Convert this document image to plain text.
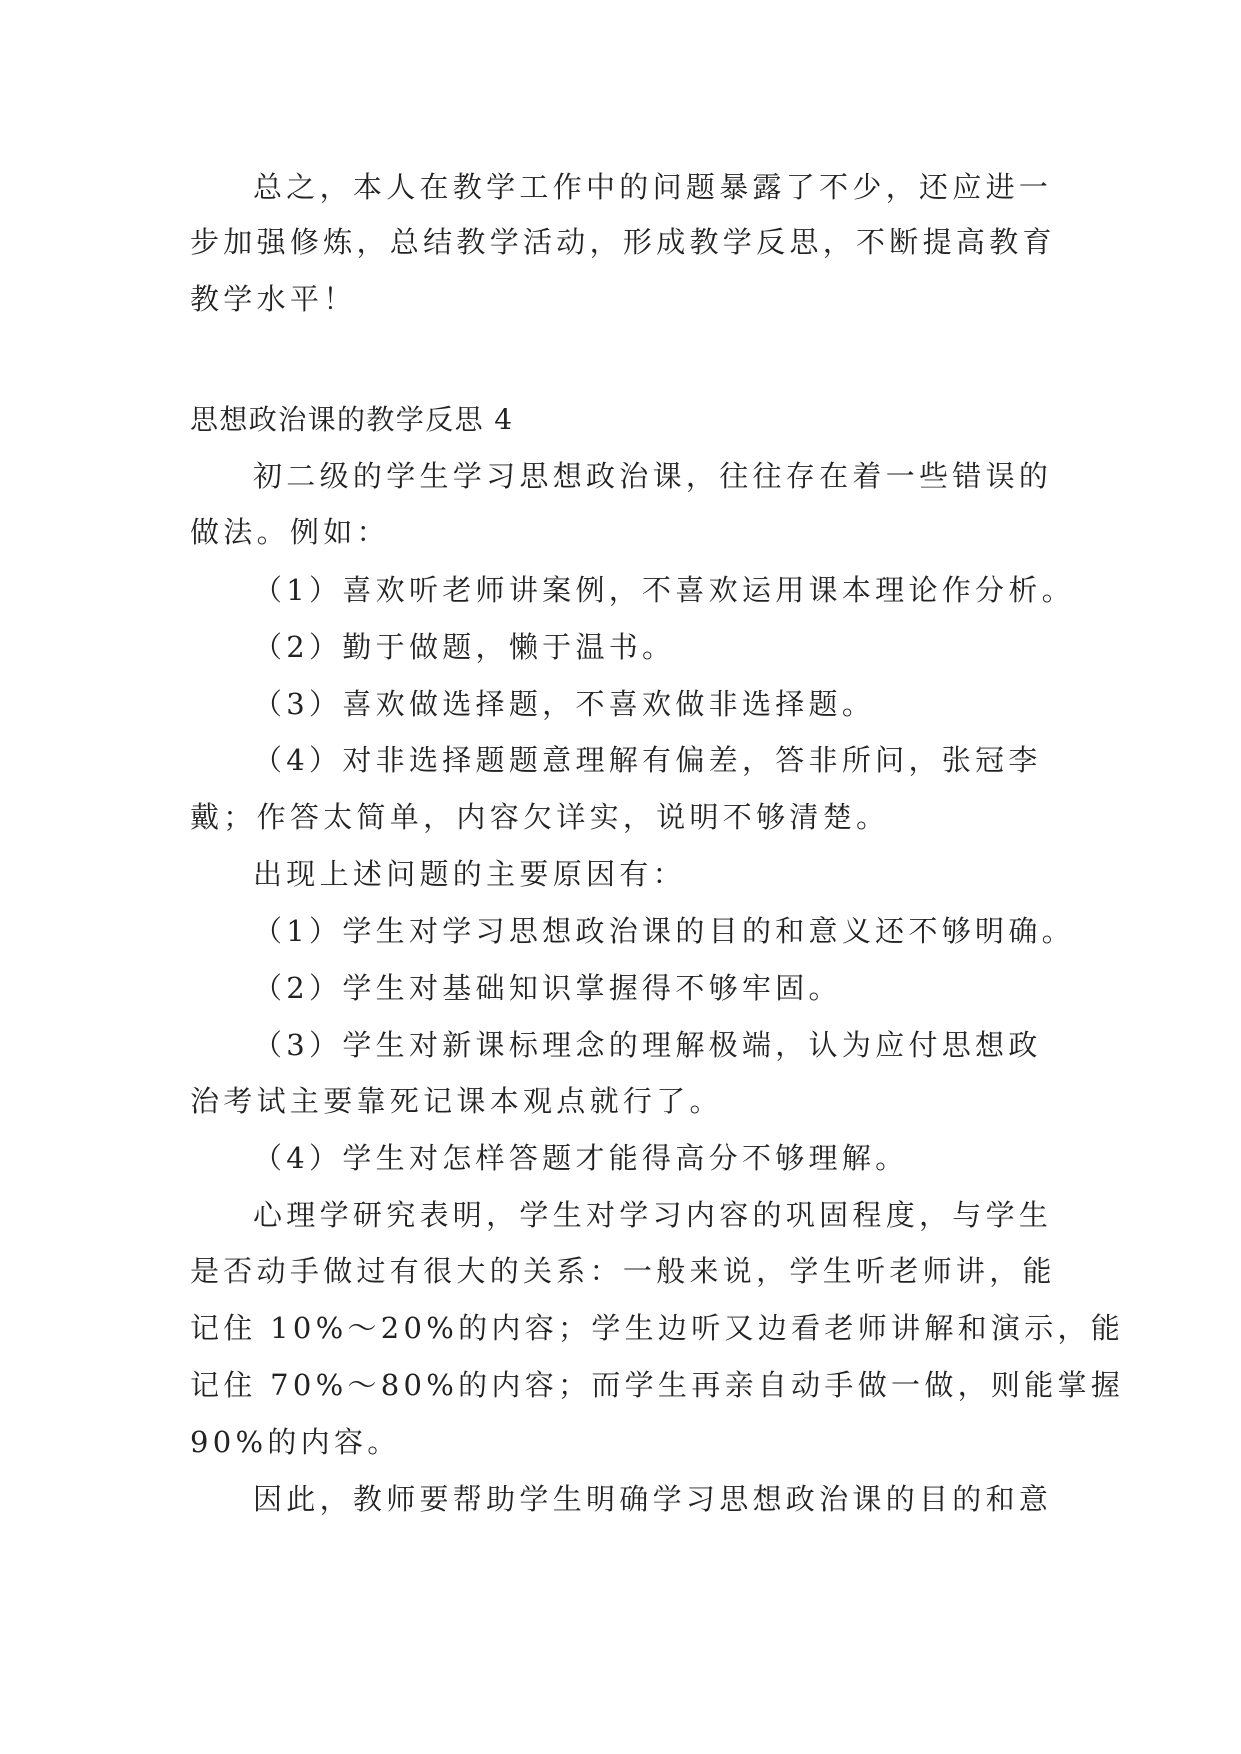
总之，本人在教学工作中的问题暴露了不少，还应进一
步加强修炼，总结教学活动，形成教学反思，不断提高教育
教学水平！
思想政治课的教学反思 4
初二级的学生学习思想政治课，往往存在着一些错误的
做法。例如：
（1）喜欢听老师讲案例，不喜欢运用课本理论作分析。
（2）勤于做题，懒于温书。
（3）喜欢做选择题，不喜欢做非选择题。
（4）对非选择题题意理解有偏差，答非所问，张冠李
戴；作答太简单，内容欠详实，说明不够清楚。
出现上述问题的主要原因有：
（1）学生对学习思想政治课的目的和意义还不够明确。
（2）学生对基础知识掌握得不够牢固。
（3）学生对新课标理念的理解极端，认为应付思想政
治考试主要靠死记课本观点就行了。
（4）学生对怎样答题才能得高分不够理解。
心理学研究表明，学生对学习内容的巩固程度，与学生
是否动手做过有很大的关系：一般来说，学生听老师讲，能
记住 10%～20%的内容；学生边听又边看老师讲解和演示，能
记住 70%～80%的内容；而学生再亲自动手做一做，则能掌握
90%的内容。
因此，教师要帮助学生明确学习思想政治课的目的和意
